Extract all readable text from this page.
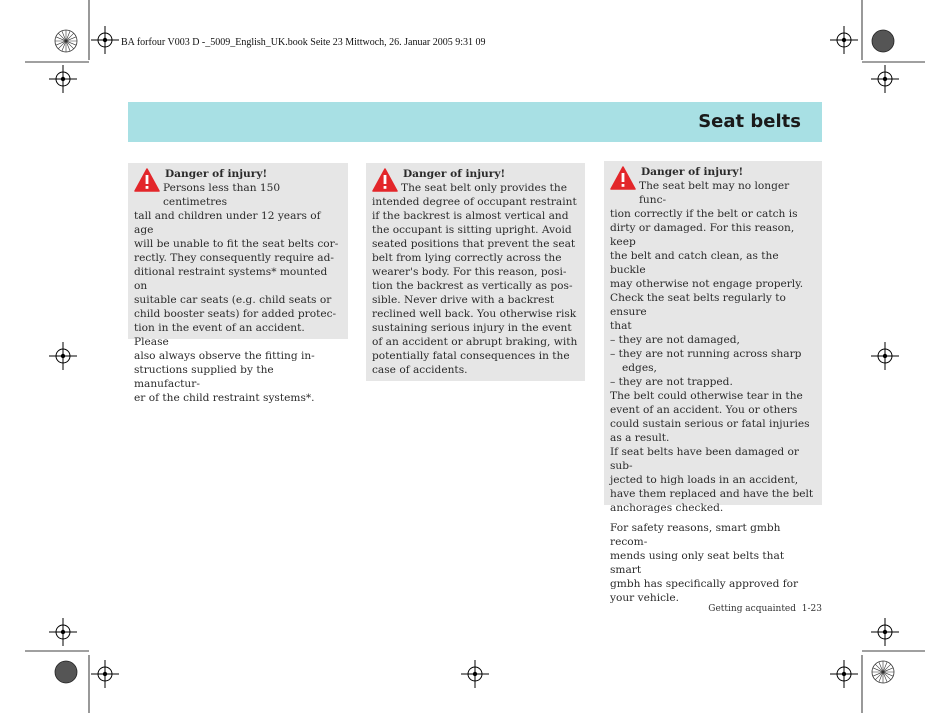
BA forfour V003 D -_5009_English_UK.book Seite 23 Mittwoch, 26. Januar 2005 9:31 09
Seat belts

Danger of injury!

Persons less than 150 centimetres

tall and children under 12 years of age

will be unable to fit the seat belts cor-

rectly. They consequently require ad-

ditional restraint systems* mounted on

suitable car seats (e.g. child seats or

child booster seats) for added protec-

tion in the event of an accident. Please

also always observe the fitting in-

structions supplied by the manufactur-

er of the child restraint systems*.

Danger of injury!

The seat belt only provides the

intended degree of occupant restraint

if the backrest is almost vertical and

the occupant is sitting upright. Avoid

seated positions that prevent the seat

belt from lying correctly across the

wearer's body. For this reason, posi-

tion the backrest as vertically as pos-

sible. Never drive with a backrest

reclined well back. You otherwise risk

sustaining serious injury in the event

of an accident or abrupt braking, with

potentially fatal consequences in the

case of accidents.

Danger of injury!

The seat belt may no longer func-

tion correctly if the belt or catch is

dirty or damaged. For this reason, keep

the belt and catch clean, as the buckle

may otherwise not engage properly.

Check the seat belts regularly to ensure

that

– they are not damaged,

– they are not running across sharp

edges,

– they are not trapped.

The belt could otherwise tear in the

event of an accident. You or others

could sustain serious or fatal injuries

as a result.

If seat belts have been damaged or sub-

jected to high loads in an accident,

have them replaced and have the belt

anchorages checked.

For safety reasons, smart gmbh recom-

mends using only seat belts that smart

gmbh has specifically approved for

your vehicle.

Getting acquainted 1-23
